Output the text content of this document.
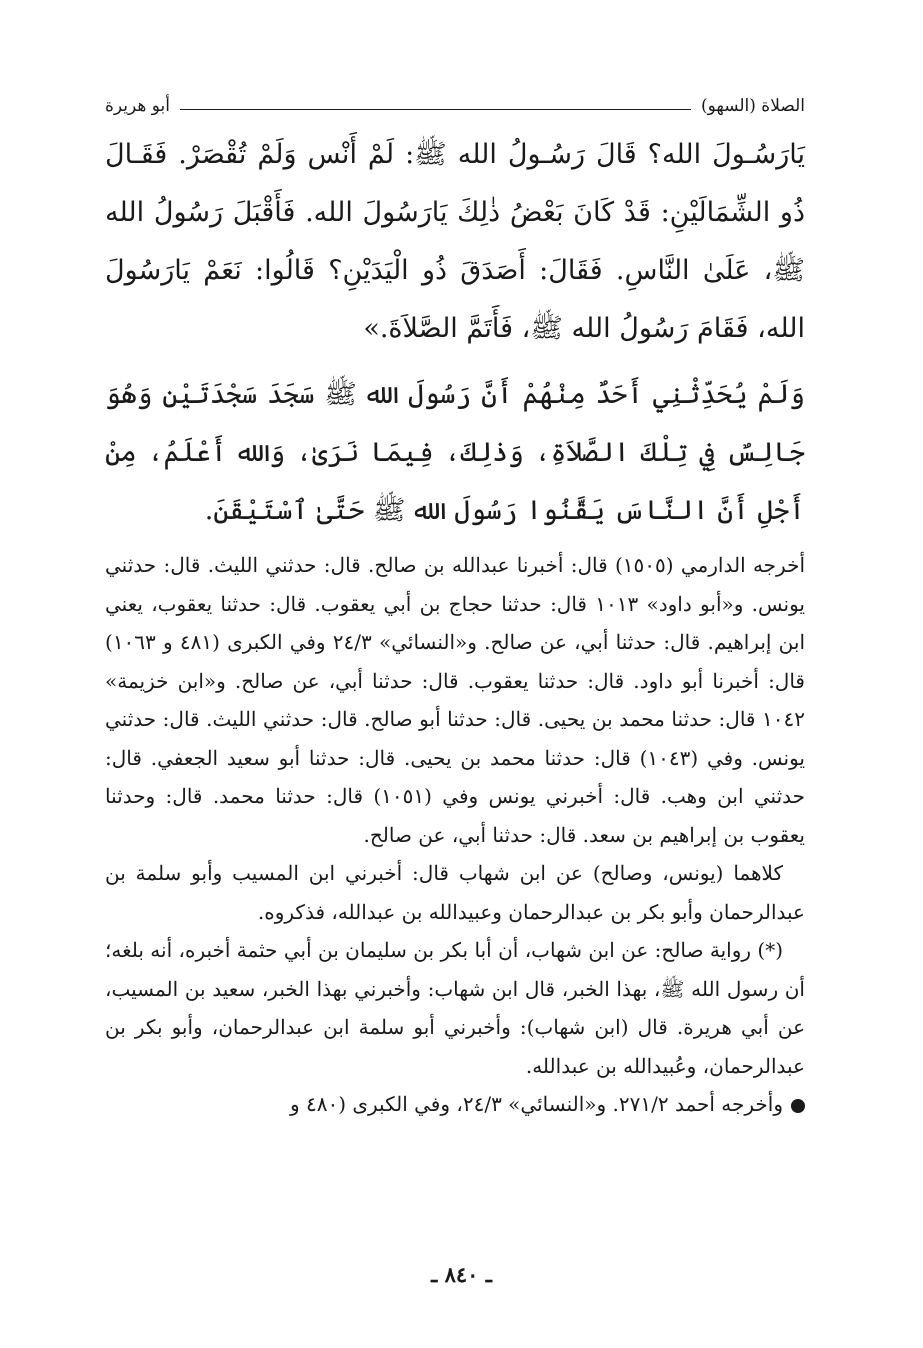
الصلاة (السهو)
أبو هريرة

يَارَسُـولَ الله؟ قَالَ رَسُـولُ الله ﷺ: لَمْ أَنْس وَلَمْ تُقْصَرْ. فَقَـالَ ذُو الشِّمَالَيْنِ: قَدْ كَانَ بَعْضُ ذٰلِكَ يَارَسُولَ الله. فَأَقْبَلَ رَسُولُ الله ﷺ، عَلَىٰ النَّاسِ. فَقَالَ: أَصَدَقَ ذُو الْيَدَيْنِ؟ قَالُوا: نَعَمْ يَارَسُولَ الله، فَقَامَ رَسُولُ الله ﷺ، فَأَتَمَّ الصَّلاَةَ.»

وَلَمْ يُحَدِّثْنِي أَحَدٌ مِنْهُمْ أَنَّ رَسُولَ الله ﷺ سَجَدَ سَجْدَتَيْنِ وَهُوَ جَالِسٌ فِي تِلْكَ الصَّلاَةِ، وَذٰلِكَ، فِيمَا نَرَىٰ، وَالله أَعْلَمُ، مِنْ أَجْلِ أَنَّ النَّاسَ يَقَّنُوا رَسُولَ الله ﷺ حَتَّىٰ ٱسْتَيْقَنَ.

أخرجه الدارمي (١٥٠٥) قال: أخبرنا عبدالله بن صالح. قال: حدثني الليث. قال: حدثني يونس. و«أبو داود» ١٠١٣ قال: حدثنا حجاج بن أبي يعقوب. قال: حدثنا يعقوب، يعني ابن إبراهيم. قال: حدثنا أبي، عن صالح. و«النسائي» ٢٤/٣ وفي الكبرى (٤٨١ و ١٠٦٣) قال: أخبرنا أبو داود. قال: حدثنا يعقوب. قال: حدثنا أبي، عن صالح. و«ابن خزيمة» ١٠٤٢ قال: حدثنا محمد بن يحيى. قال: حدثنا أبو صالح. قال: حدثني الليث. قال: حدثني يونس. وفي (١٠٤٣) قال: حدثنا محمد بن يحيى. قال: حدثنا أبو سعيد الجعفي. قال: حدثني ابن وهب. قال: أخبرني يونس وفي (١٠٥١) قال: حدثنا محمد. قال: وحدثنا يعقوب بن إبراهيم بن سعد. قال: حدثنا أبي، عن صالح.

كلاهما (يونس، وصالح) عن ابن شهاب قال: أخبرني ابن المسيب وأبو سلمة بن عبدالرحمان وأبو بكر بن عبدالرحمان وعبيدالله بن عبدالله، فذكروه.

(*) رواية صالح: عن ابن شهاب، أن أبا بكر بن سليمان بن أبي حثمة أخبره، أنه بلغه؛ أن رسول الله ﷺ، بهذا الخبر، قال ابن شهاب: وأخبرني بهذا الخبر، سعيد بن المسيب، عن أبي هريرة. قال (ابن شهاب): وأخبرني أبو سلمة ابن عبدالرحمان، وأبو بكر بن عبدالرحمان، وعُبيدالله بن عبدالله.

وأخرجه أحمد ٢٧١/٢. و«النسائي» ٢٤/٣، وفي الكبرى (٤٨٠ و

ـ ٨٤٠ ـ
